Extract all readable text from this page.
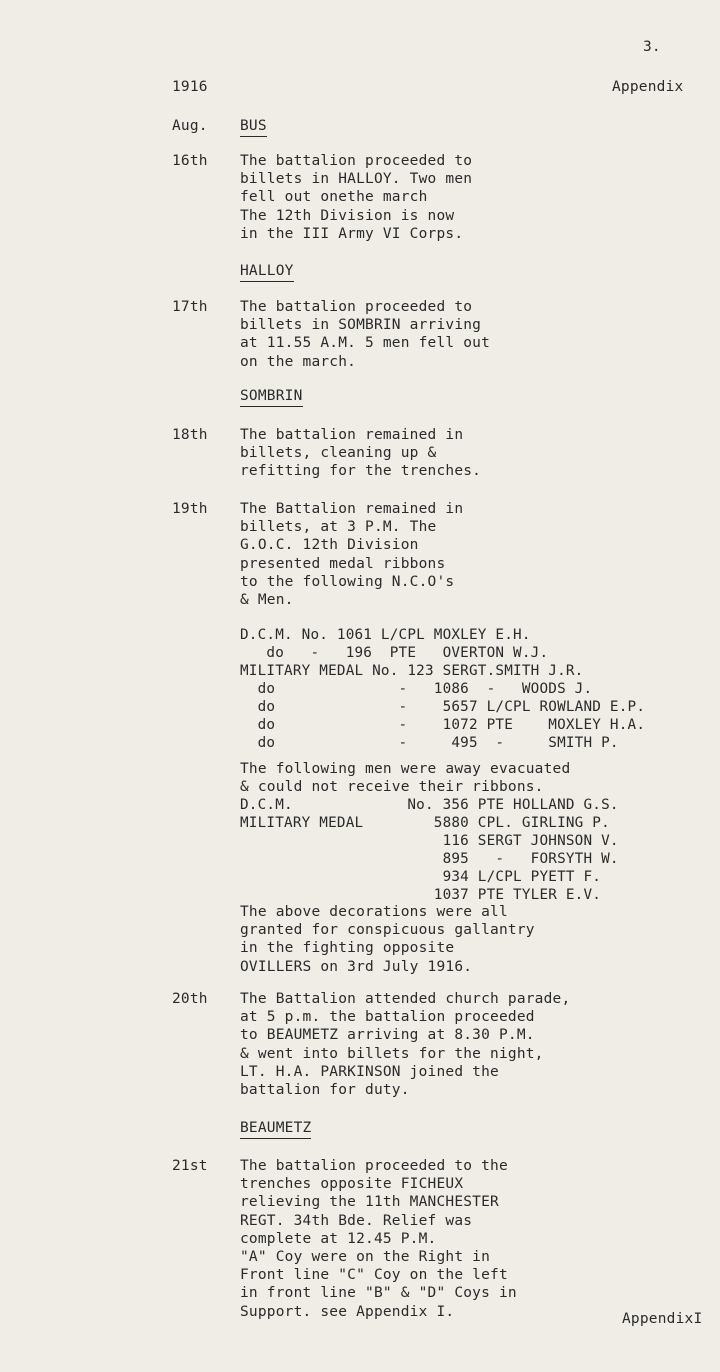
3.
1916	Appendix
Aug. BUS
16th The battalion proceeded to
billets in HALLOY. Two men
fell out onethe march
The 12th Division is now
in the III Army VI Corps.
HALLOY
17th The battalion proceeded to
billets in SOMBRIN arriving
at 11.55 A.M. 5 men fell out
on the march.
SOMBRIN
18th The battalion remained in
billets, cleaning up &
refitting for the trenches.
19th The Battalion remained in
billets, at 3 P.M. The
G.O.C. 12th Division
presented medal ribbons
to the following N.C.O's
& Men.
D.C.M. No. 1061 L/CPL MOXLEY E.H.
do   -   196  PTE   OVERTON W.J.
MILITARY MEDAL No. 123 SERGT.SMITH J.R.
do              -   1086  -   WOODS J.
do              -    5657 L/CPL ROWLAND E.P.
do              -    1072 PTE    MOXLEY H.A.
do              -     495  -     SMITH P.
The following men were away evacuated
& could not receive their ribbons.
D.C.M.             No. 356 PTE HOLLAND G.S.
MILITARY MEDAL        5880 CPL. GIRLING P.
116 SERGT JOHNSON V.
895   -   FORSYTH W.
934 L/CPL PYETT F.
1037 PTE TYLER E.V.
The above decorations were all
granted for conspicuous gallantry
in the fighting opposite
OVILLERS on 3rd July 1916.
20th The Battalion attended church parade,
at 5 p.m. the battalion proceeded
to BEAUMETZ arriving at 8.30 P.M.
& went into billets for the night,
LT. H.A. PARKINSON joined the
battalion for duty.
BEAUMETZ
21st The battalion proceeded to the
trenches opposite FICHEUX
relieving the 11th MANCHESTER
REGT. 34th Bde. Relief was
complete at 12.45 P.M.
"A" Coy were on the Right in
Front line "C" Coy on the left
in front line "B" & "D" Coys in
Support. see Appendix I.	AppendixI
